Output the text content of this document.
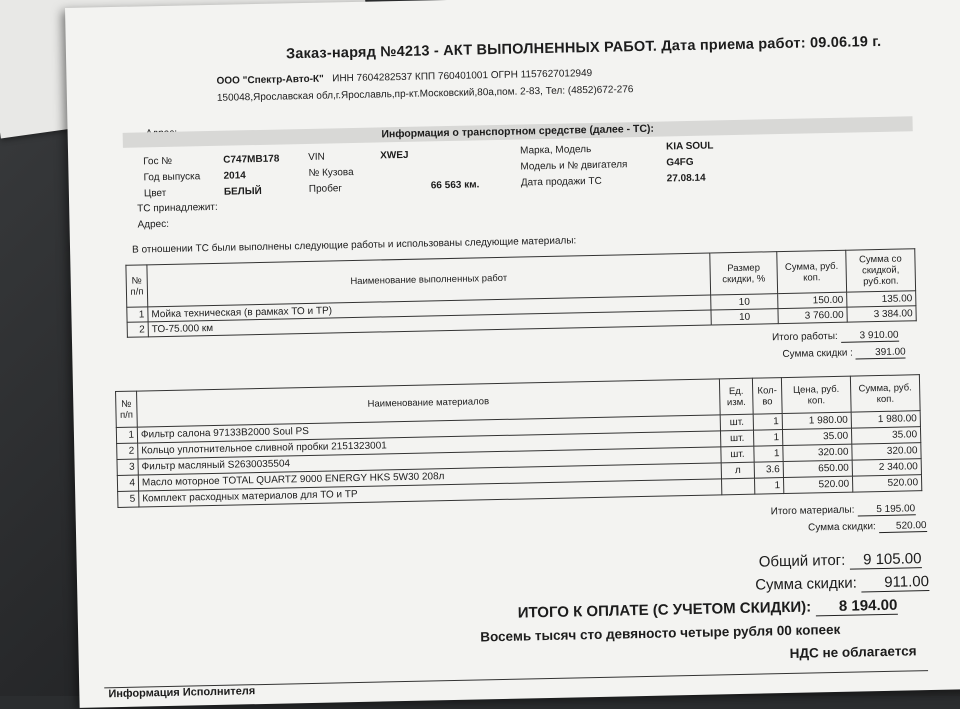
Заказ-наряд №4213 - АКТ ВЫПОЛНЕННЫХ РАБОТ. Дата приема работ: 09.06.19 г.
ООО "Спектр-Авто-К" ИНН 7604282537 КПП 760401001 ОГРН 1157627012949
150048,Ярославская обл,г.Ярославль,пр-кт.Московский,80а,пом. 2-83, Тел: (4852)672-276
Информация о транспортном средстве (далее - ТС):
Гос №	С747МВ178	VIN	XWEJ	Марка, Модель	KIA SOUL
Год выпуска 2014	№ Кузова
Модель и № двигателя	G4FG
Цвет	БЕЛЫЙ	Пробег	66 563 км.	Дата продажи ТС	27.08.14
ТС принадлежит:
Адрес:
В отношении ТС были выполнены следующие работы и использованы следующие материалы:
№ п/п	Наименование выполненных работ	Размер скидки, %	Сумма, руб. коп.	Сумма со скидкой, руб.коп.
1	Мойка техническая (в рамках ТО и ТР)	10	150.00	135.00
2	ТО-75.000 км	10	3 760.00	3 384.00
Итого работы: 3 910.00
Сумма скидки : 391.00
№ п/п	Наименование материалов	Ед. изм.	Кол-во	Цена, руб. коп.	Сумма, руб. коп.
1	Фильтр салона 97133В2000 Soul PS	шт.	1	1 980.00	1 980.00
2	Кольцо уплотнительное сливной пробки 2151323001	шт.	1	35.00	35.00
3	Фильтр масляный S2630035504	шт.	1	320.00	320.00
4	Масло моторное TOTAL QUARTZ 9000 ENERGY HKS 5W30 208л	л	3.6	650.00	2 340.00
5	Комплект расходных материалов для ТО и ТР		1	520.00	520.00
Итого материалы: 5 195.00
Сумма скидки: 520.00
Общий итог: 9 105.00
Сумма скидки: 911.00
ИТОГО К ОПЛАТЕ (С УЧЕТОМ СКИДКИ): 8 194.00
Восемь тысяч сто девяносто четыре рубля 00 копеек
НДС не облагается
Информация Исполнителя
